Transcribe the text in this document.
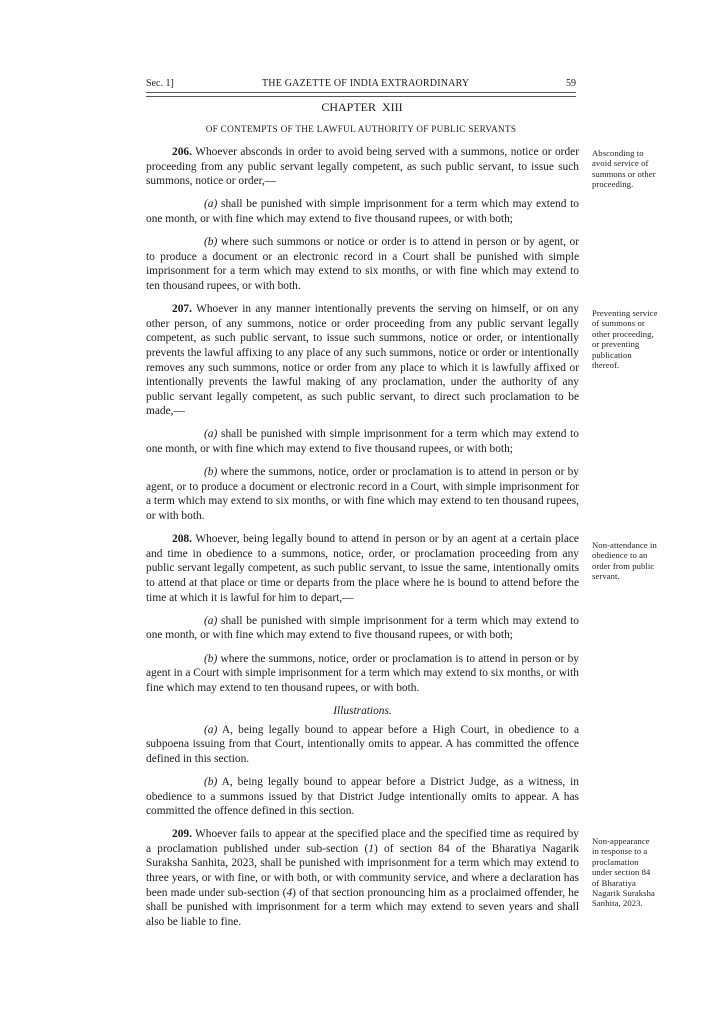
Sec. 1]	THE GAZETTE OF INDIA EXTRAORDINARY	59
CHAPTER XIII
OF CONTEMPTS OF THE LAWFUL AUTHORITY OF PUBLIC SERVANTS

206. Whoever absconds in order to avoid being served with a summons, notice or order proceeding from any public servant legally competent, as such public servant, to issue such summons, notice or order,—

(a) shall be punished with simple imprisonment for a term which may extend to one month, or with fine which may extend to five thousand rupees, or with both;

(b) where such summons or notice or order is to attend in person or by agent, or to produce a document or an electronic record in a Court shall be punished with simple imprisonment for a term which may extend to six months, or with fine which may extend to ten thousand rupees, or with both.

207. Whoever in any manner intentionally prevents the serving on himself, or on any other person, of any summons, notice or order proceeding from any public servant legally competent, as such public servant, to issue such summons, notice or order, or intentionally prevents the lawful affixing to any place of any such summons, notice or order or intentionally removes any such summons, notice or order from any place to which it is lawfully affixed or intentionally prevents the lawful making of any proclamation, under the authority of any public servant legally competent, as such public servant, to direct such proclamation to be made,—

(a) shall be punished with simple imprisonment for a term which may extend to one month, or with fine which may extend to five thousand rupees, or with both;

(b) where the summons, notice, order or proclamation is to attend in person or by agent, or to produce a document or electronic record in a Court, with simple imprisonment for a term which may extend to six months, or with fine which may extend to ten thousand rupees, or with both.

208. Whoever, being legally bound to attend in person or by an agent at a certain place and time in obedience to a summons, notice, order, or proclamation proceeding from any public servant legally competent, as such public servant, to issue the same, intentionally omits to attend at that place or time or departs from the place where he is bound to attend before the time at which it is lawful for him to depart,—

(a) shall be punished with simple imprisonment for a term which may extend to one month, or with fine which may extend to five thousand rupees, or with both;

(b) where the summons, notice, order or proclamation is to attend in person or by agent in a Court with simple imprisonment for a term which may extend to six months, or with fine which may extend to ten thousand rupees, or with both.

Illustrations.

(a) A, being legally bound to appear before a High Court, in obedience to a subpoena issuing from that Court, intentionally omits to appear. A has committed the offence defined in this section.

(b) A, being legally bound to appear before a District Judge, as a witness, in obedience to a summons issued by that District Judge intentionally omits to appear. A has committed the offence defined in this section.

209. Whoever fails to appear at the specified place and the specified time as required by a proclamation published under sub-section (1) of section 84 of the Bharatiya Nagarik Suraksha Sanhita, 2023, shall be punished with imprisonment for a term which may extend to three years, or with fine, or with both, or with community service, and where a declaration has been made under sub-section (4) of that section pronouncing him as a proclaimed offender, he shall be punished with imprisonment for a term which may extend to seven years and shall also be liable to fine.

Absconding to avoid service of summons or other proceeding.
Preventing service of summons or other proceeding, or preventing publication thereof.
Non-attendance in obedience to an order from public servant.
Non-appearance in response to a proclamation under section 84 of Bharatiya Nagarik Suraksha Sanhita, 2023.
